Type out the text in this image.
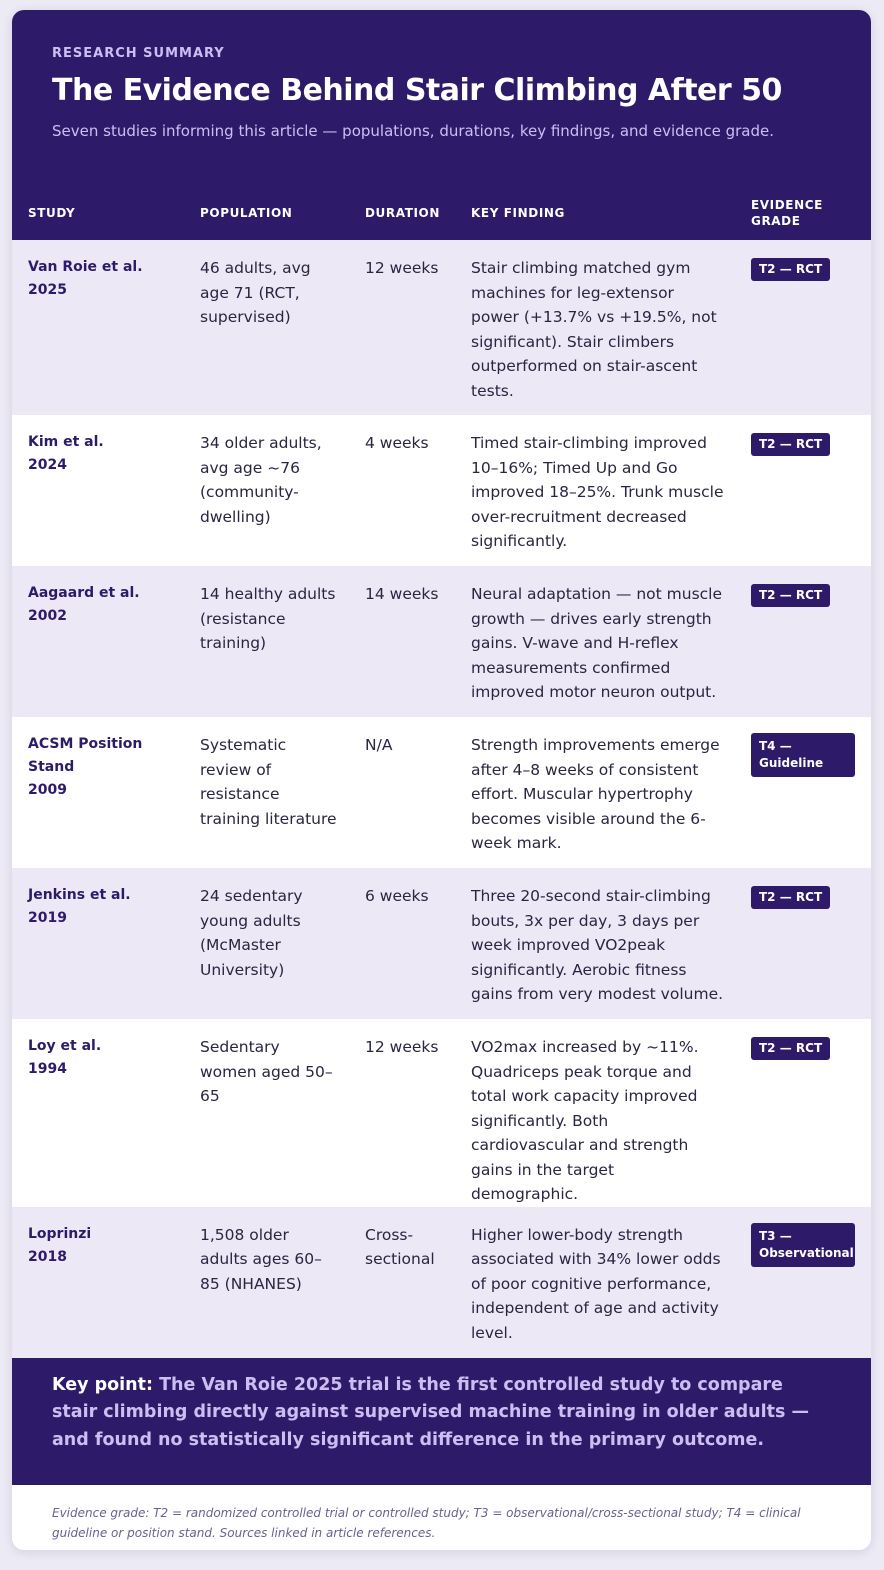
RESEARCH SUMMARY
The Evidence Behind Stair Climbing After 50

Seven studies informing this article — populations, durations, key findings, and evidence grade.

STUDY	POPULATION	DURATION	KEY FINDING	EVIDENCE GRADE

Van Roie et al.
2025	46 adults, avg age 71 (RCT, supervised)	12 weeks	Stair climbing matched gym machines for leg-extensor power (+13.7% vs +19.5%, not significant). Stair climbers outperformed on stair-ascent tests.	T2 — RCT

Kim et al.
2024	34 older adults, avg age ~76 (community-dwelling)	4 weeks	Timed stair-climbing improved 10–16%; Timed Up and Go improved 18–25%. Trunk muscle over-recruitment decreased significantly.	T2 — RCT

Aagaard et al.
2002	14 healthy adults (resistance training)	14 weeks	Neural adaptation — not muscle growth — drives early strength gains. V-wave and H-reflex measurements confirmed improved motor neuron output.	T2 — RCT

ACSM Position Stand
2009	Systematic review of resistance training literature	N/A	Strength improvements emerge after 4–8 weeks of consistent effort. Muscular hypertrophy becomes visible around the 6-week mark.	T4 — Guideline

Jenkins et al.
2019	24 sedentary young adults (McMaster University)	6 weeks	Three 20-second stair-climbing bouts, 3x per day, 3 days per week improved VO2peak significantly. Aerobic fitness gains from very modest volume.	T2 — RCT

Loy et al.
1994	Sedentary women aged 50–65	12 weeks	VO2max increased by ~11%. Quadriceps peak torque and total work capacity improved significantly. Both cardiovascular and strength gains in the target demographic.	T2 — RCT

Loprinzi
2018	1,508 older adults ages 60–85 (NHANES)	Cross-sectional	Higher lower-body strength associated with 34% lower odds of poor cognitive performance, independent of age and activity level.	T3 — Observational

Key point: The Van Roie 2025 trial is the first controlled study to compare stair climbing directly against supervised machine training in older adults — and found no statistically significant difference in the primary outcome.

Evidence grade: T2 = randomized controlled trial or controlled study; T3 = observational/cross-sectional study; T4 = clinical guideline or position stand. Sources linked in article references.
